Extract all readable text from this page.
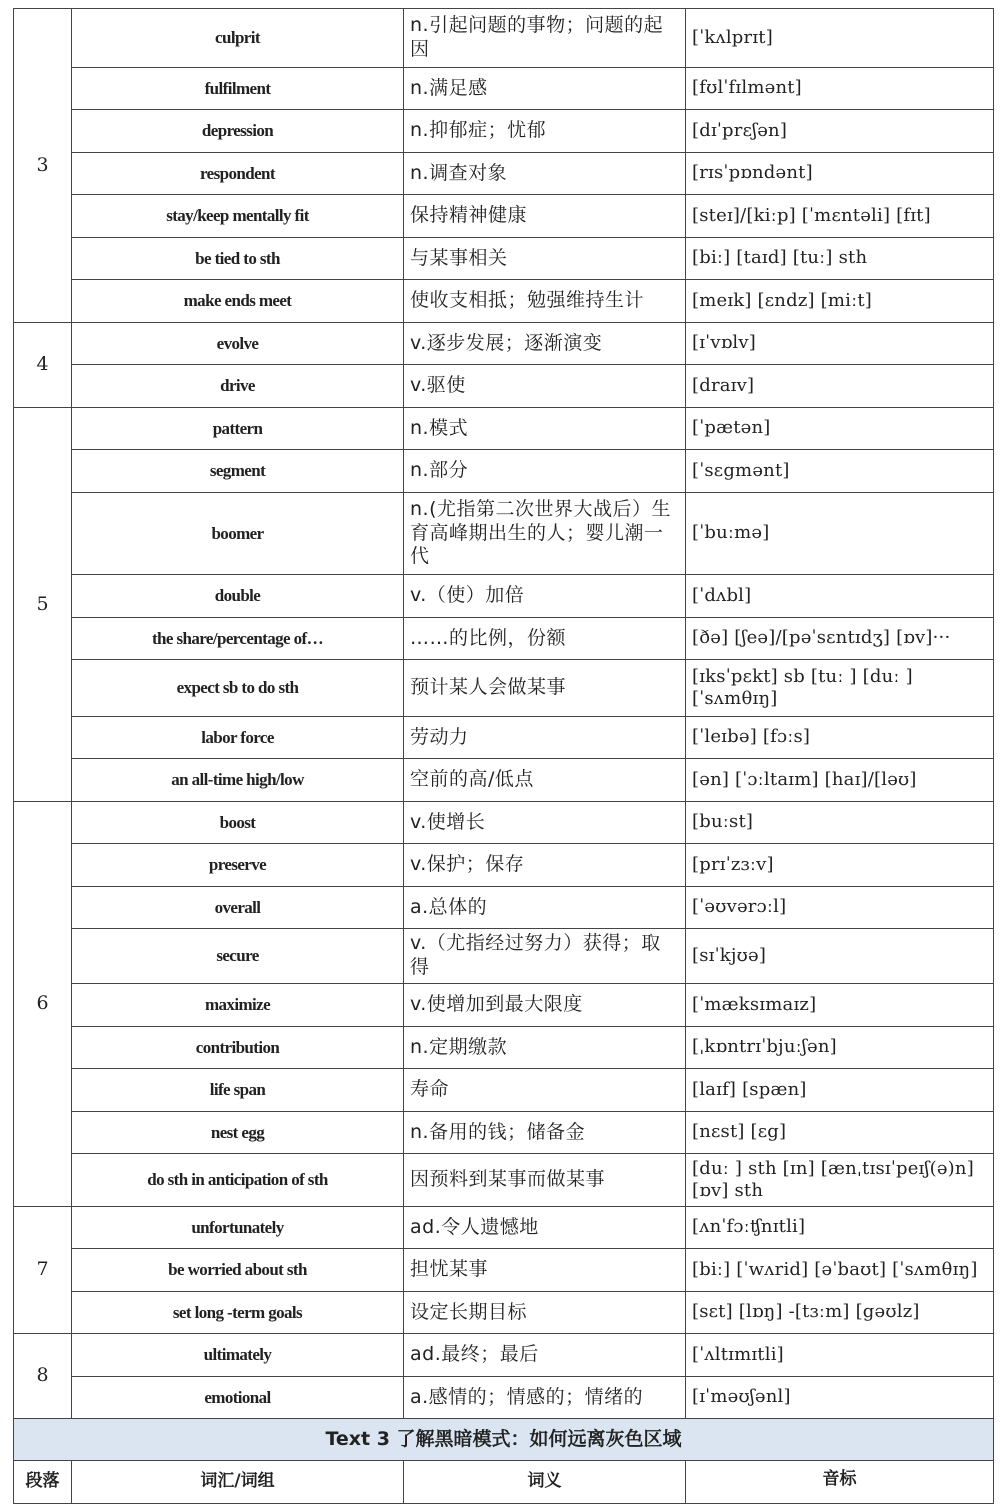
3	culprit	n.引起问题的事物；问题的起因	[ˈkʌlprɪt]
	fulfilment	n.满足感	[fʊlˈfɪlmənt]
	depression	n.抑郁症；忧郁	[dɪˈprɛʃən]
	respondent	n.调查对象	[rɪsˈpɒndənt]
	stay/keep mentally fit	保持精神健康	[steɪ]/[kiːp] [ˈmɛntəli] [fɪt]
	be tied to sth	与某事相关	[biː] [taɪd] [tuː] sth
	make ends meet	使收支相抵；勉强维持生计	[meɪk] [ɛndz] [miːt]
4	evolve	v.逐步发展；逐渐演变	[ɪˈvɒlv]
	drive	v.驱使	[draɪv]
5	pattern	n.模式	[ˈpætən]
	segment	n.部分	[ˈsɛgmənt]
	boomer	n.(尤指第二次世界大战后）生育高峰期出生的人；婴儿潮一代	[ˈbuːmə]
	double	v.（使）加倍	[ˈdʌbl]
	the share/percentage of…	……的比例，份额	[ðə] [ʃeə]/[pəˈsɛntɪdʒ] [ɒv]···
	expect sb to do sth	预计某人会做某事	[ɪksˈpɛkt] sb [tuː ] [duː ] [ˈsʌmθɪŋ]
	labor force	劳动力	[ˈleɪbə] [fɔːs]
	an all-time high/low	空前的高/低点	[ən] [ˈɔːltaɪm] [haɪ]/[ləʊ]
6	boost	v.使增长	[buːst]
	preserve	v.保护；保存	[prɪˈzɜːv]
	overall	a.总体的	[ˈəʊvərɔːl]
	secure	v.（尤指经过努力）获得；取得	[sɪˈkjʊə]
	maximize	v.使增加到最大限度	[ˈmæksɪmaɪz]
	contribution	n.定期缴款	[ˌkɒntrɪˈbjuːʃən]
	life span	寿命	[laɪf] [spæn]
	nest egg	n.备用的钱；储备金	[nɛst] [ɛg]
	do sth in anticipation of sth	因预料到某事而做某事	[duː ] sth [ɪn] [ænˌtɪsɪˈpeɪʃ(ə)n] [ɒv] sth
7	unfortunately	ad.令人遗憾地	[ʌnˈfɔːʧnɪtli]
	be worried about sth	担忧某事	[biː] [ˈwʌrid] [əˈbaʊt] [ˈsʌmθɪŋ]
	set long -term goals	设定长期目标	[sɛt] [lɒŋ] -[tɜːm] [gəʊlz]
8	ultimately	ad.最终；最后	[ˈʌltɪmɪtli]
	emotional	a.感情的；情感的；情绪的	[ɪˈməʊʃənl]
Text 3 了解黑暗模式：如何远离灰色区域			
段落	词汇/词组	词义	音标
